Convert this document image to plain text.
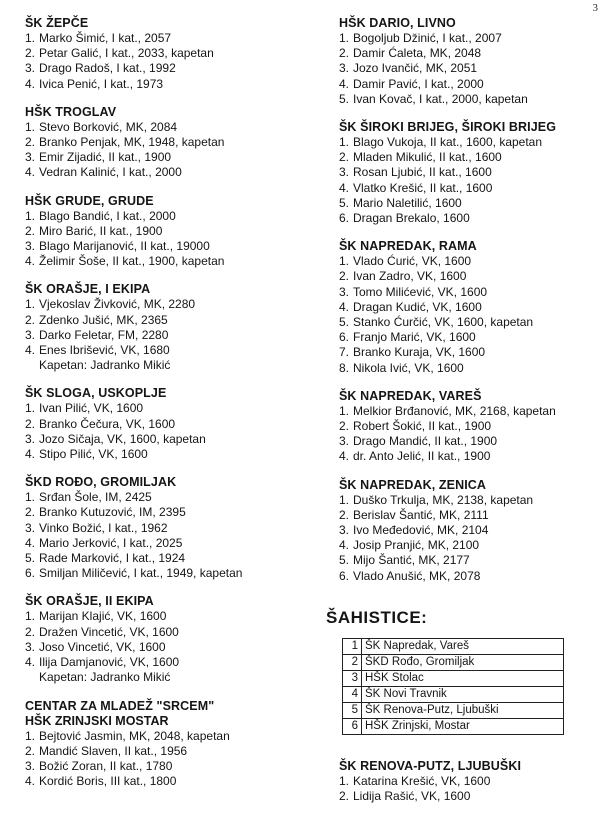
3
ŠK ŽEPČE
1. Marko Šimić, I kat., 2057
2. Petar Galić, I kat., 2033, kapetan
3. Drago Radoš, I kat., 1992
4. Ivica Penić, I kat., 1973
HŠK TROGLAV
1. Stevo Borković, MK, 2084
2. Branko Penjak, MK, 1948, kapetan
3. Emir Zijadić, II kat., 1900
4. Vedran Kalinić, I kat., 2000
HŠK GRUDE, GRUDE
1. Blago Bandić, I kat., 2000
2. Miro Barić, II kat., 1900
3. Blago Marijanović, II kat., 19000
4. Želimir Šoše, II kat., 1900, kapetan
ŠK ORAŠJE, I EKIPA
1. Vjekoslav Živković, MK, 2280
2. Zdenko Jušić, MK, 2365
3. Darko Feletar, FM, 2280
4. Enes Ibrišević, VK, 1680
Kapetan: Jadranko Mikić
ŠK SLOGA, USKOPLJE
1. Ivan Pilić, VK, 1600
2. Branko Čečura, VK, 1600
3. Jozo Sičaja, VK, 1600, kapetan
4. Stipo Pilić, VK, 1600
ŠKD ROĐO, GROMILJAK
1. Srđan Šole, IM, 2425
2. Branko Kutuzović, IM, 2395
3. Vinko Božić, I kat., 1962
4. Mario Jerković, I kat., 2025
5. Rade Marković, I kat., 1924
6. Smiljan Miličević, I kat., 1949, kapetan
ŠK ORAŠJE, II EKIPA
1. Marijan Klajić, VK, 1600
2. Dražen Vincetić, VK, 1600
3. Joso Vincetić, VK, 1600
4. Ilija Damjanović, VK, 1600
Kapetan: Jadranko Mikić
CENTAR ZA MLADEŽ "SRCEM"
HŠK ZRINJSKI MOSTAR
1. Bejtović Jasmin, MK, 2048, kapetan
2. Mandić Slaven, II kat., 1956
3. Božić Zoran, II kat., 1780
4. Kordić Boris, III kat., 1800
HŠK DARIO, LIVNO
1. Bogoljub Džinić, I kat., 2007
2. Damir Ćaleta, MK, 2048
3. Jozo Ivančić, MK, 2051
4. Damir Pavić, I kat., 2000
5. Ivan Kovač, I kat., 2000, kapetan
ŠK ŠIROKI BRIJEG, ŠIROKI BRIJEG
1. Blago Vukoja, II kat., 1600, kapetan
2. Mladen Mikulić, II kat., 1600
3. Rosan Ljubić, II kat., 1600
4. Vlatko Krešić, II kat., 1600
5. Mario Naletilić, 1600
6. Dragan Brekalo, 1600
ŠK NAPREDAK, RAMA
1. Vlado Ćurić, VK, 1600
2. Ivan Zadro, VK, 1600
3. Tomo Milićević, VK, 1600
4. Dragan Kudić, VK, 1600
5. Stanko Ćurčić, VK, 1600, kapetan
6. Franjo Marić, VK, 1600
7. Branko Kuraja, VK, 1600
8. Nikola Ivić, VK, 1600
ŠK NAPREDAK, VAREŠ
1. Melkior Brđanović, MK, 2168, kapetan
2. Robert Šokić, II kat., 1900
3. Drago Mandić, II kat., 1900
4. dr. Anto Jelić, II kat., 1900
ŠK NAPREDAK, ZENICA
1. Duško Trkulja, MK, 2138, kapetan
2. Berislav Šantić, MK, 2111
3. Ivo Međedović, MK, 2104
4. Josip Pranjić, MK, 2100
5. Mijo Šantić, MK, 2177
6. Vlado Anušić, MK, 2078
ŠAHISTICE:
1	ŠK Napredak, Vareš
2	ŠKD Rođo, Gromiljak
3	HŠK Stolac
4	ŠK Novi Travnik
5	ŠK Renova-Putz, Ljubuški
6	HŠK Zrinjski, Mostar
ŠK RENOVA-PUTZ, LJUBUŠKI
1. Katarina Krešić, VK, 1600
2. Lidija Rašić, VK, 1600
